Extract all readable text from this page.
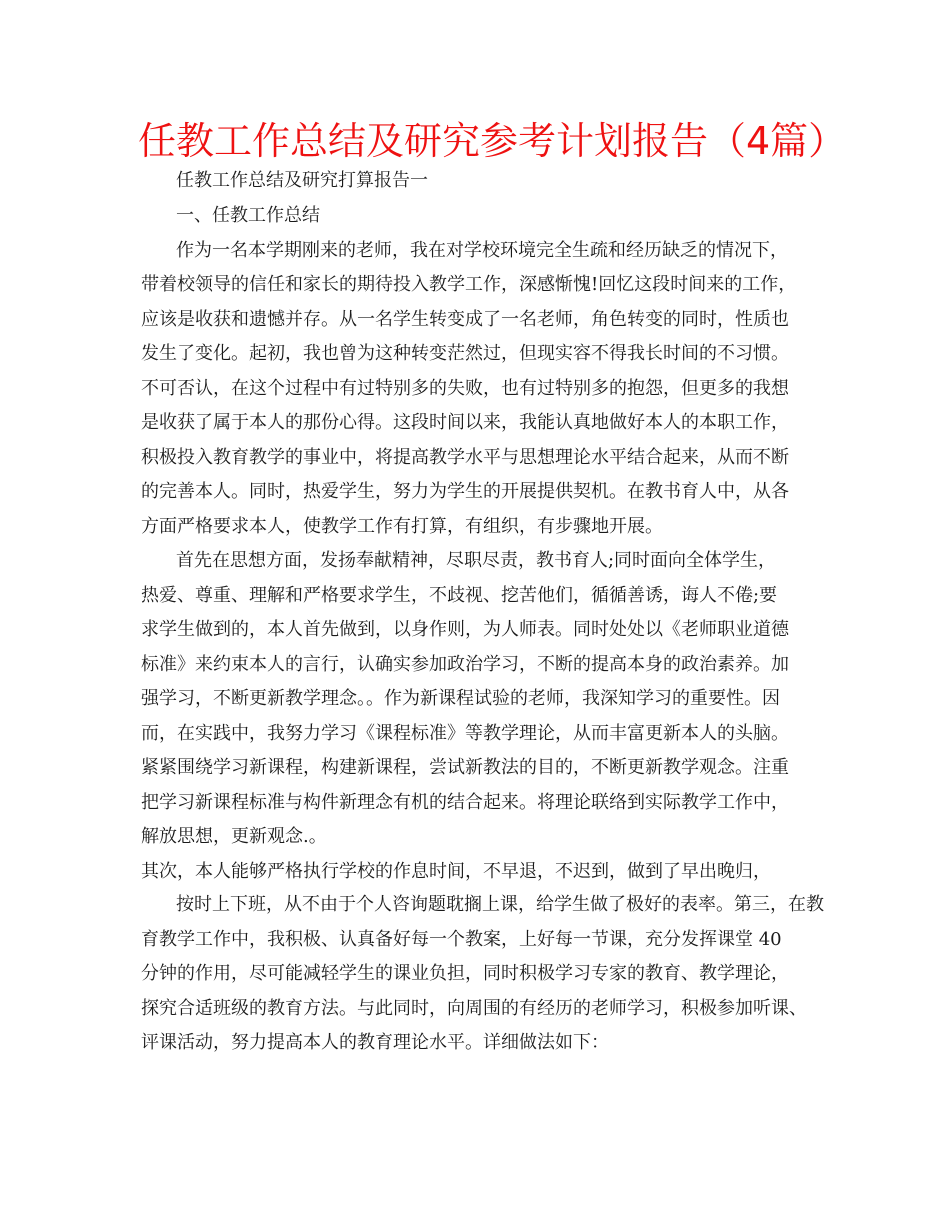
任教工作总结及研究参考计划报告（4篇）

任教工作总结及研究打算报告一

一、任教工作总结

作为一名本学期刚来的老师，我在对学校环境完全生疏和经历缺乏的情况下，

带着校领导的信任和家长的期待投入教学工作，深感惭愧!回忆这段时间来的工作，

应该是收获和遗憾并存。从一名学生转变成了一名老师，角色转变的同时，性质也

发生了变化。起初，我也曾为这种转变茫然过，但现实容不得我长时间的不习惯。

不可否认，在这个过程中有过特别多的失败，也有过特别多的抱怨，但更多的我想

是收获了属于本人的那份心得。这段时间以来，我能认真地做好本人的本职工作，

积极投入教育教学的事业中，将提高教学水平与思想理论水平结合起来，从而不断

的完善本人。同时，热爱学生，努力为学生的开展提供契机。在教书育人中，从各

方面严格要求本人，使教学工作有打算，有组织，有步骤地开展。

首先在思想方面，发扬奉献精神，尽职尽责，教书育人;同时面向全体学生，

热爱、尊重、理解和严格要求学生，不歧视、挖苦他们，循循善诱，诲人不倦;要

求学生做到的，本人首先做到，以身作则，为人师表。同时处处以《老师职业道德

标准》来约束本人的言行，认确实参加政治学习，不断的提高本身的政治素养。加

强学习，不断更新教学理念。。作为新课程试验的老师，我深知学习的重要性。因

而，在实践中，我努力学习《课程标准》等教学理论，从而丰富更新本人的头脑。

紧紧围绕学习新课程，构建新课程，尝试新教法的目的，不断更新教学观念。注重

把学习新课程标准与构件新理念有机的结合起来。将理论联络到实际教学工作中，

解放思想，更新观念.。

其次，本人能够严格执行学校的作息时间，不早退，不迟到，做到了早出晚归，

按时上下班，从不由于个人咨询题耽搁上课，给学生做了极好的表率。第三，在教

育教学工作中，我积极、认真备好每一个教案，上好每一节课，充分发挥课堂 40

分钟的作用，尽可能减轻学生的课业负担，同时积极学习专家的教育、教学理论，

探究合适班级的教育方法。与此同时，向周围的有经历的老师学习，积极参加听课、

评课活动，努力提高本人的教育理论水平。详细做法如下：
